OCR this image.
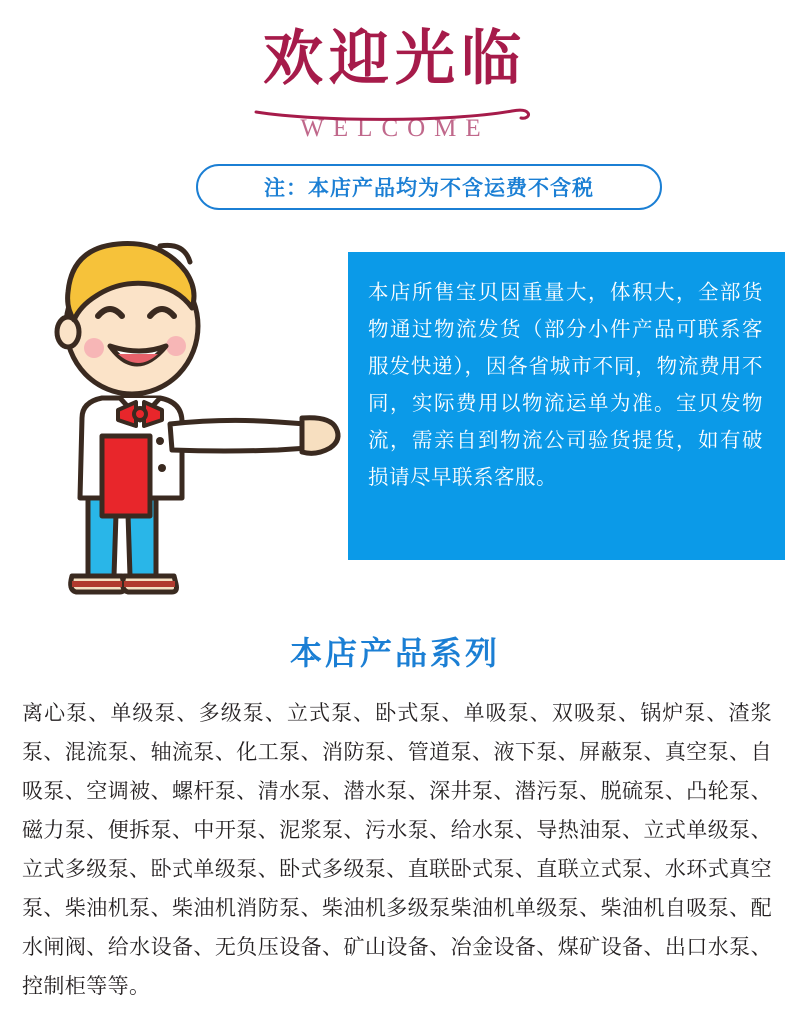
欢迎光临
WELCOME
注：本店产品均为不含运费不含税
本店所售宝贝因重量大，体积大，全部货物通过物流发货（部分小件产品可联系客服发快递），因各省城市不同，物流费用不同，实际费用以物流运单为准。宝贝发物流，需亲自到物流公司验货提货，如有破损请尽早联系客服。
本店产品系列
离心泵、单级泵、多级泵、立式泵、卧式泵、单吸泵、双吸泵、锅炉泵、渣浆泵、混流泵、轴流泵、化工泵、消防泵、管道泵、液下泵、屏蔽泵、真空泵、自吸泵、空调被、螺杆泵、清水泵、潜水泵、深井泵、潜污泵、脱硫泵、凸轮泵、磁力泵、便拆泵、中开泵、泥浆泵、污水泵、给水泵、导热油泵、立式单级泵、立式多级泵、卧式单级泵、卧式多级泵、直联卧式泵、直联立式泵、水环式真空泵、柴油机泵、柴油机消防泵、柴油机多级泵柴油机单级泵、柴油机自吸泵、配水闸阀、给水设备、无负压设备、矿山设备、冶金设备、煤矿设备、出口水泵、控制柜等等。
